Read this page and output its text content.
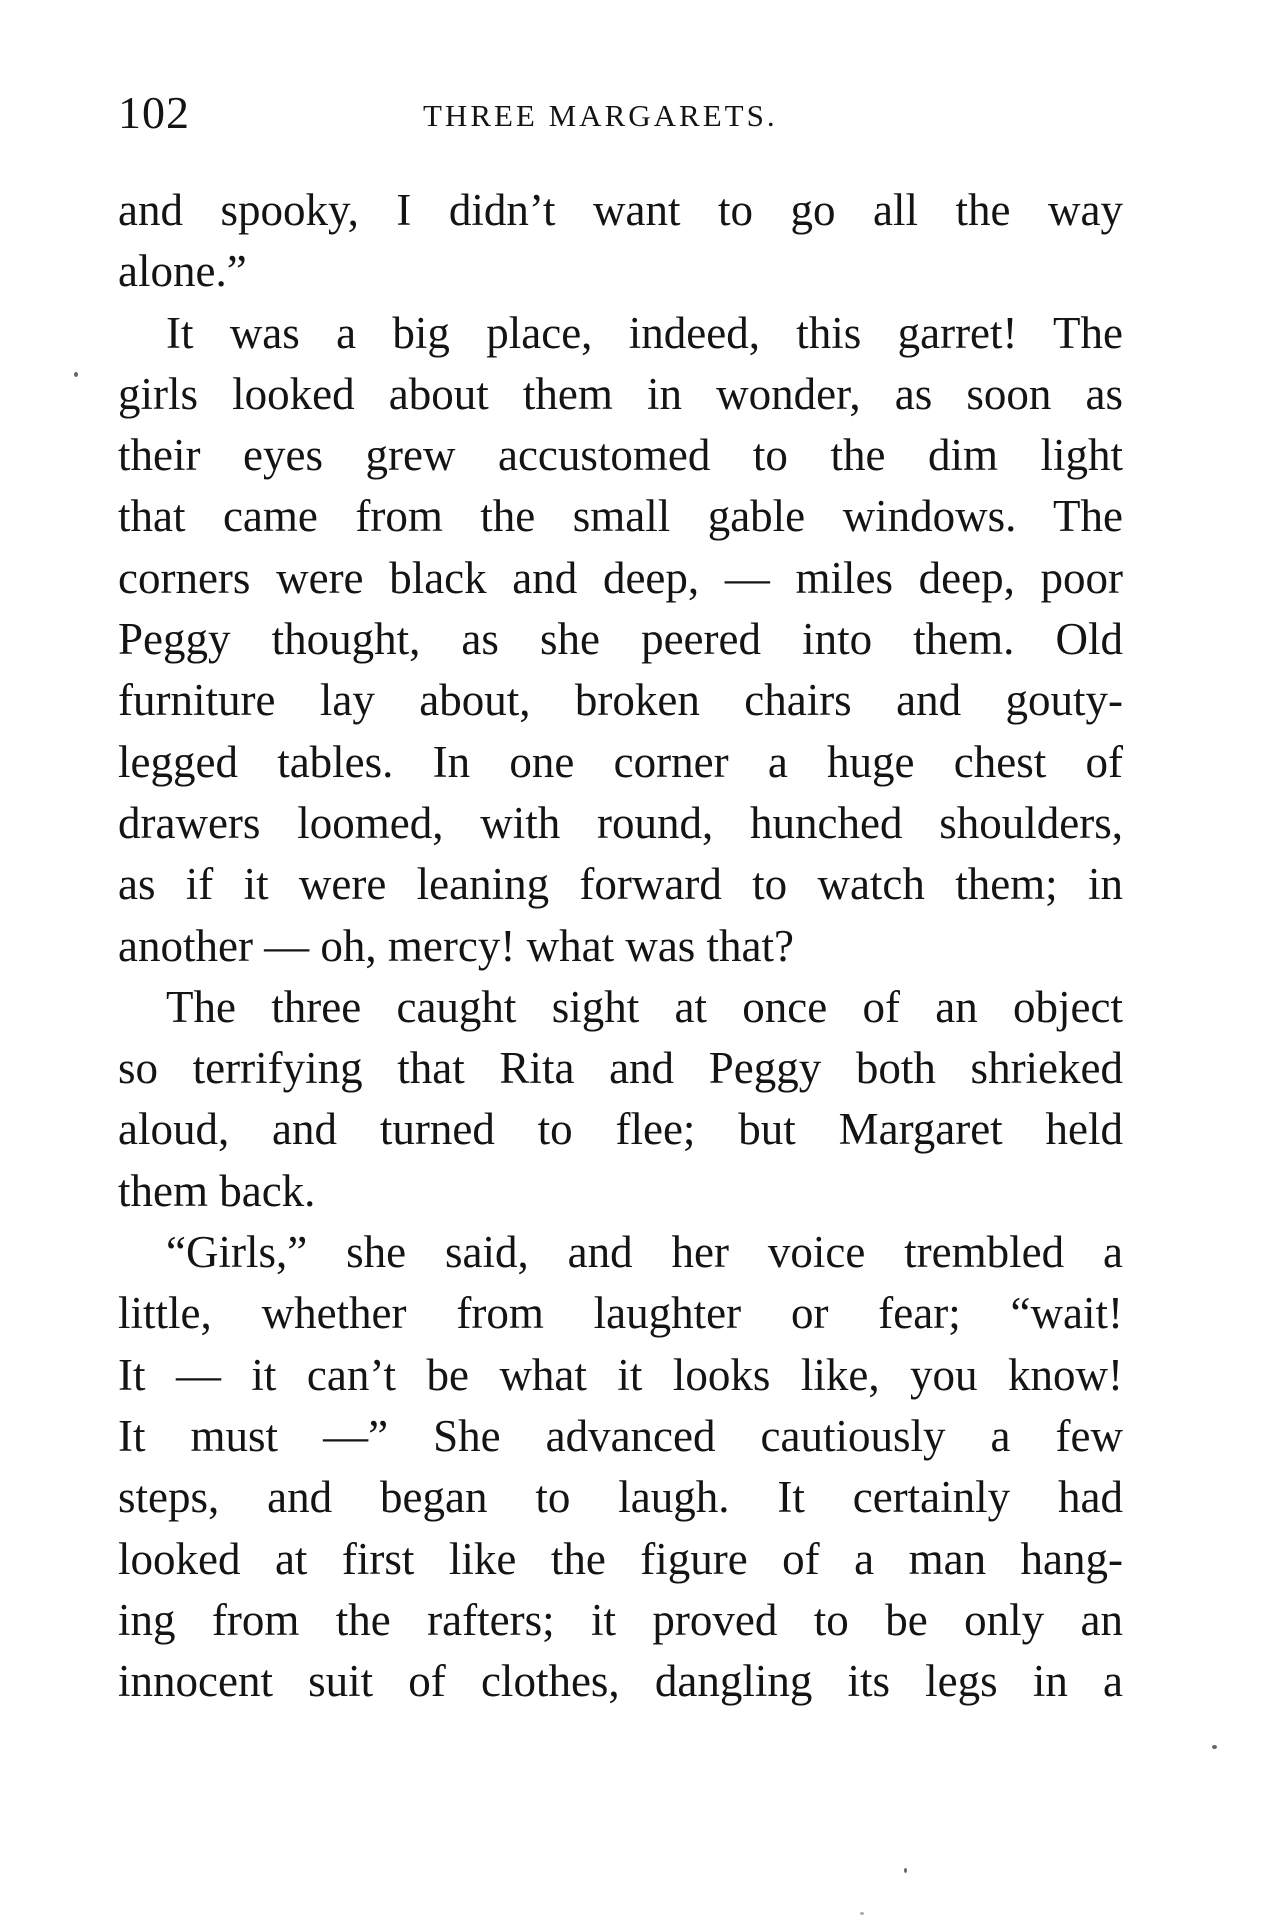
102	THREE MARGARETS.
and spooky, I didn’t want to go all the way
alone.”
It was a big place, indeed, this garret! The
girls looked about them in wonder, as soon as
their eyes grew accustomed to the dim light
that came from the small gable windows. The
corners were black and deep, — miles deep, poor
Peggy thought, as she peered into them. Old
furniture lay about, broken chairs and gouty-
legged tables. In one corner a huge chest of
drawers loomed, with round, hunched shoulders,
as if it were leaning forward to watch them; in
another — oh, mercy! what was that?
The three caught sight at once of an object
so terrifying that Rita and Peggy both shrieked
aloud, and turned to flee; but Margaret held
them back.
“Girls,” she said, and her voice trembled a
little, whether from laughter or fear; “wait!
It — it can’t be what it looks like, you know!
It must —” She advanced cautiously a few
steps, and began to laugh. It certainly had
looked at first like the figure of a man hang-
ing from the rafters; it proved to be only an
innocent suit of clothes, dangling its legs in a
